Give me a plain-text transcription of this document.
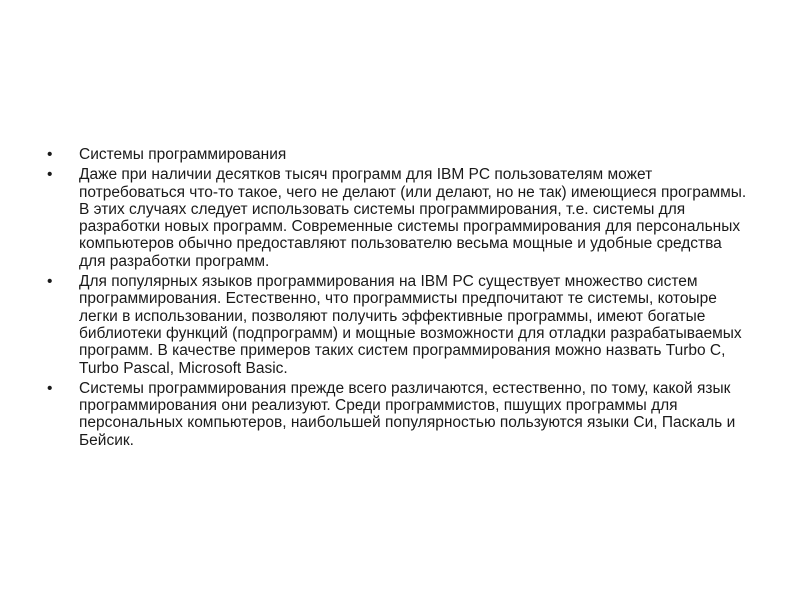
•	Системы программирования
•	Даже при наличии десятков тысяч программ для IBM PC пользователям может потребоваться что-то такое, чего не делают (или делают, но не так) имеющиеся программы. В этих случаях следует использовать системы программирования, т.е. системы для разработки новых программ. Современные системы программирования для персональных компьютеров обычно предоставляют пользователю весьма мощные и удобные средства для разработки программ.
•	Для популярных языков программирования на IBM PC существует множество систем программирования. Естественно, что программисты предпочитают те системы, котоыре легки в использовании, позволяют получить эффективные программы, имеют богатые библиотеки функций (подпрограмм) и мощные возможности для отладки разрабатываемых программ. В качестве примеров таких систем программирования можно назвать Turbo C, Turbo Pascal, Microsoft Basic.
•	Системы программирования прежде всего различаются, естественно, по тому, какой язык программирования они реализуют. Среди программистов, пшущих программы для персональных компьютеров, наибольшей популярностью пользуются языки Си, Паскаль и Бейсик.
